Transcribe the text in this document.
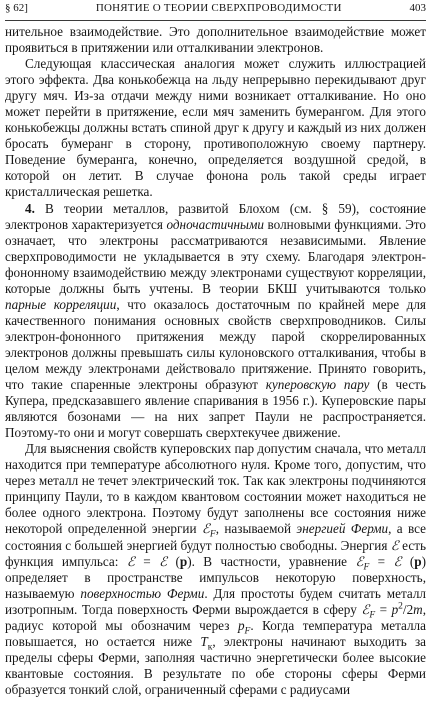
§ 62]	ПОНЯТИЕ О ТЕОРИИ СВЕРХПРОВОДИМОСТИ	403

нительное взаимодействие. Это дополнительное взаимодействие может проявиться в притяжении или отталкивании электронов.

Следующая классическая аналогия может служить иллюстрацией этого эффекта. Два конькобежца на льду непрерывно перекидывают друг другу мяч. Из-за отдачи между ними возникает отталкивание. Но оно может перейти в притяжение, если мяч заменить бумерангом. Для этого конькобежцы должны встать спиной друг к другу и каждый из них должен бросать бумеранг в сторону, противоположную своему партнеру. Поведение бумеранга, конечно, определяется воздушной средой, в которой он летит. В случае фонона роль такой среды играет кристаллическая решетка.

4. В теории металлов, развитой Блохом (см. § 59), состояние электронов характеризуется одночастичными волновыми функциями. Это означает, что электроны рассматриваются независимыми. Явление сверхпроводимости не укладывается в эту схему. Благодаря электрон-фононному взаимодействию между электронами существуют корреляции, которые должны быть учтены. В теории БКШ учитываются только парные корреляции, что оказалось достаточным по крайней мере для качественного понимания основных свойств сверхпроводников. Силы электрон-фононного притяжения между парой скоррелированных электронов должны превышать силы кулоновского отталкивания, чтобы в целом между электронами действовало притяжение. Принято говорить, что такие спаренные электроны образуют куперовскую пару (в честь Купера, предсказавшего явление спаривания в 1956 г.). Куперовские пары являются бозонами — на них запрет Паули не распространяется. Поэтому-то они и могут совершать сверхтекучее движение.

Для выяснения свойств куперовских пар допустим сначала, что металл находится при температуре абсолютного нуля. Кроме того, допустим, что через металл не течет электрический ток. Так как электроны подчиняются принципу Паули, то в каждом квантовом состоянии может находиться не более одного электрона. Поэтому будут заполнены все состояния ниже некоторой определенной энергии ℰ$_F$, называемой энергией Ферми, а все состояния с большей энергией будут полностью свободны. Энергия ℰ есть функция импульса: ℰ = ℰ (p). В частности, уравнение ℰ$_F$ = ℰ (p) определяет в пространстве импульсов некоторую поверхность, называемую поверхностью Ферми. Для простоты будем считать металл изотропным. Тогда поверхность Ферми вырождается в сферу ℰ$_F$ = $p^2/2m$, радиус которой мы обозначим через $p_F$. Когда температура металла повышается, но остается ниже $T_к$, электроны начинают выходить за пределы сферы Ферми, заполняя частично энергетически более высокие квантовые состояния. В результате по обе стороны сферы Ферми образуется тонкий слой, ограниченный сферами с радиусами
